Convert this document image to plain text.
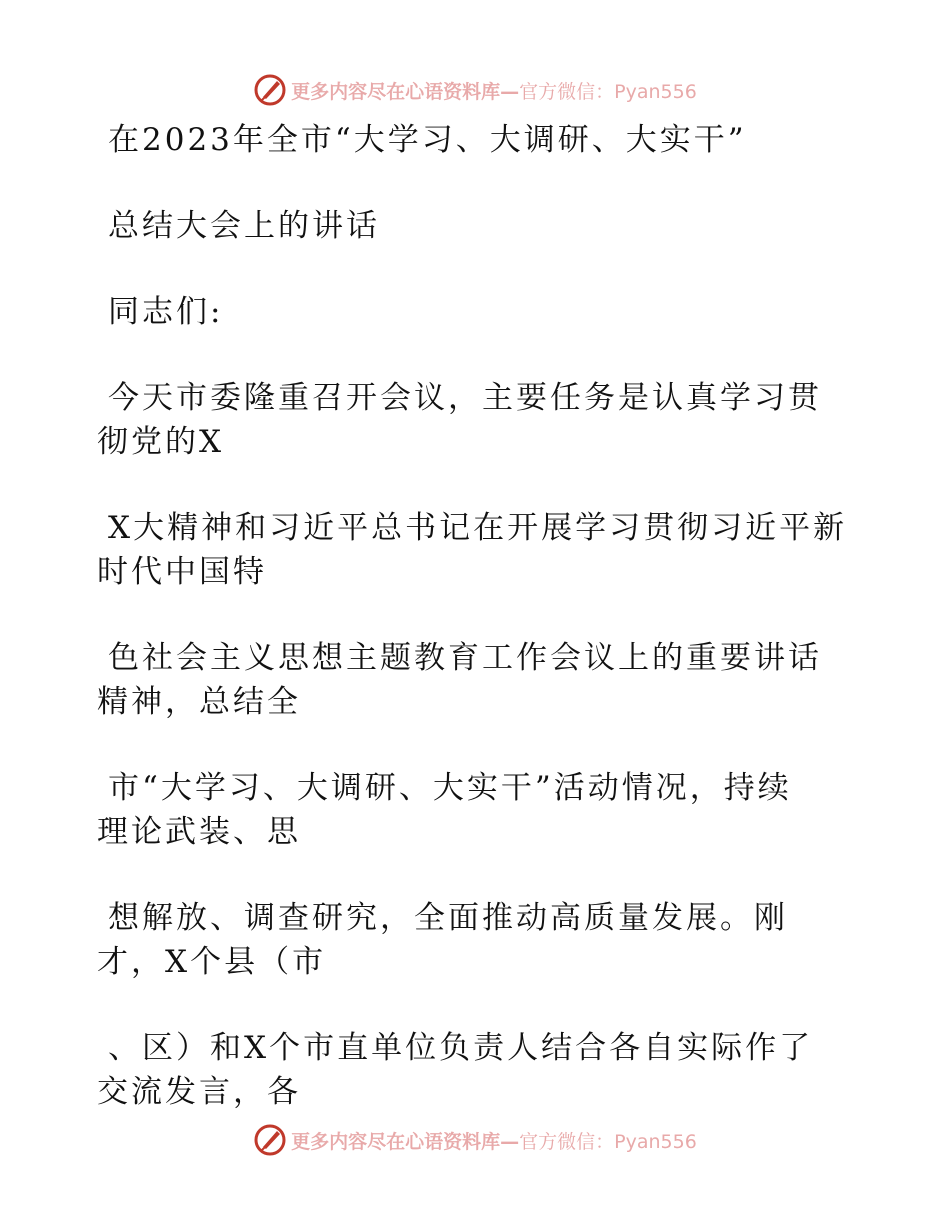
更多内容尽在心语资料库—官方微信：Pyan556
在2023年全市“大学习、大调研、大实干”
总结大会上的讲话
同志们:
今天市委隆重召开会议，主要任务是认真学习贯
彻党的X
X大精神和习近平总书记在开展学习贯彻习近平新
时代中国特
色社会主义思想主题教育工作会议上的重要讲话
精神，总结全
市“大学习、大调研、大实干”活动情况，持续
理论武装、思
想解放、调查研究，全面推动高质量发展。刚
才，X个县（市
、区）和X个市直单位负责人结合各自实际作了
交流发言，各
更多内容尽在心语资料库—官方微信：Pyan556
